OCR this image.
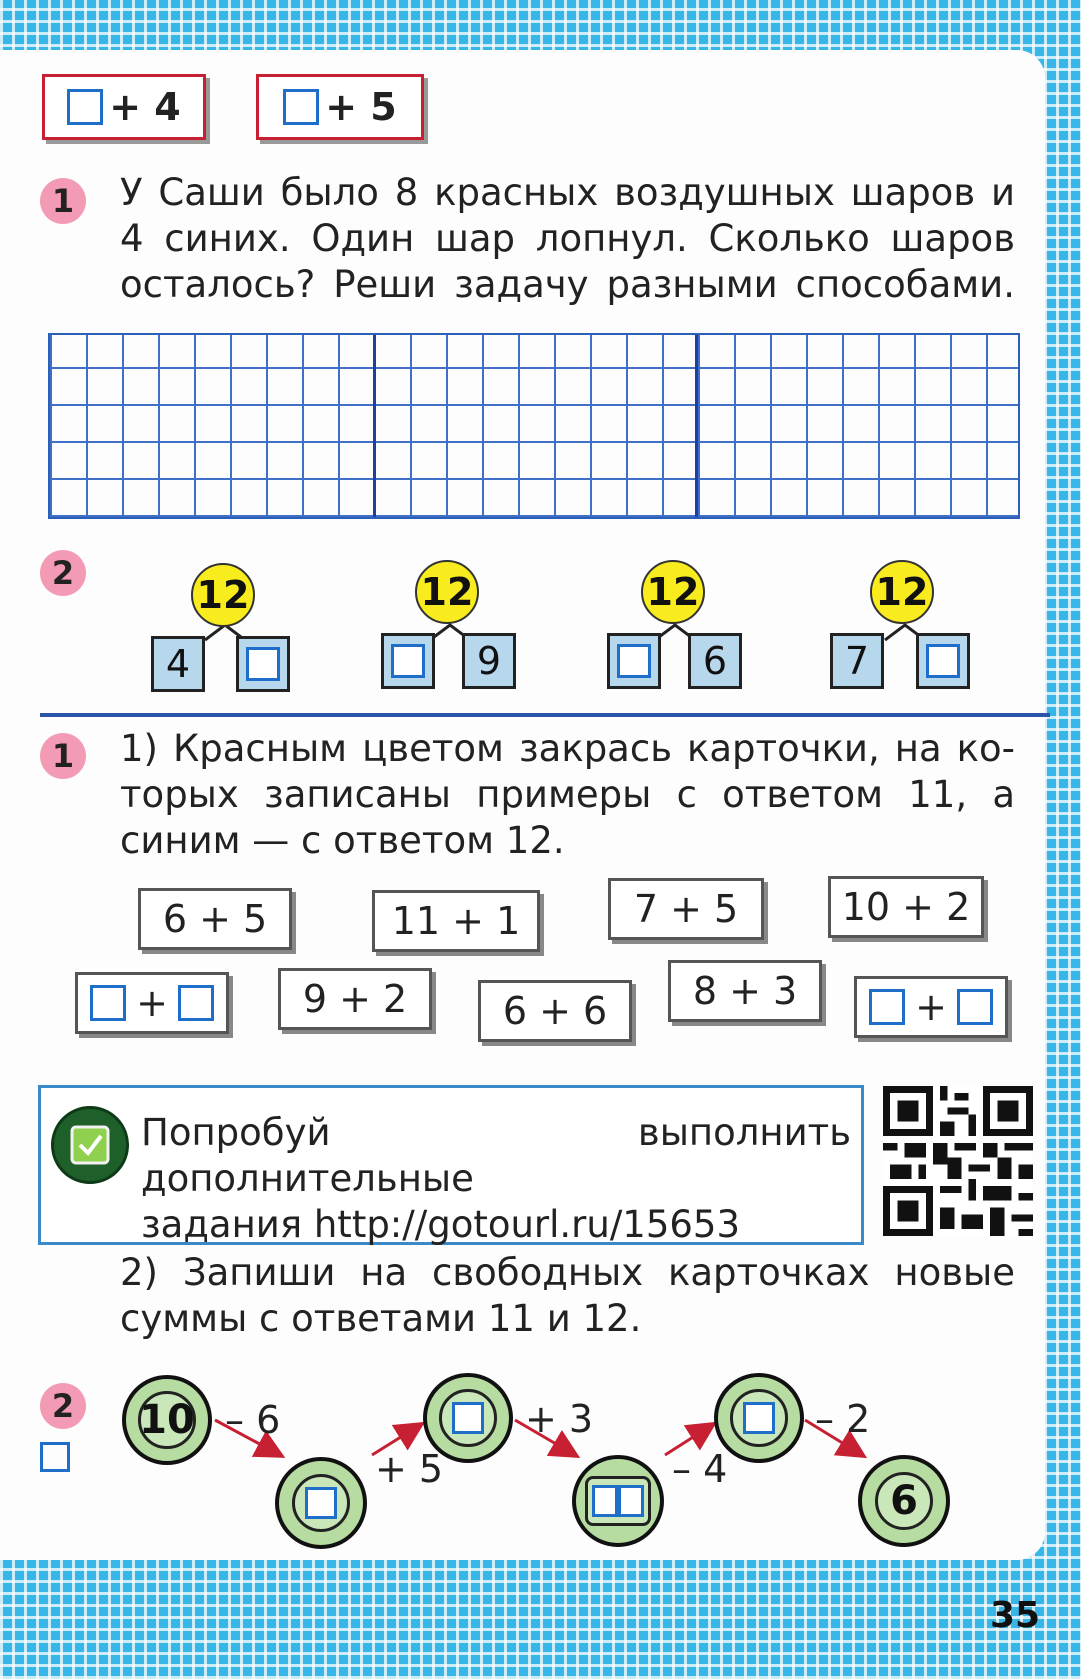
+ 4	+ 5
1	У Саши было 8 красных воздушных шаров и

4 синих. Один шар лопнул. Сколько шаров

осталось? Реши задачу разными способами.

2	12
4
12
9
12
6
12
7
1	1) Красным цветом закрась карточки, на ко-

торых записаны примеры с ответом 11, а

синим — с ответом 12.

6 + 5	11 + 1	7 + 5	10 + 2
+	9 + 2	6 + 6	8 + 3	+

Попробуй выполнить дополнительные

задания http://gotourl.ru/15653

2) Запиши на свободных карточках новые

суммы с ответами 11 и 12.

2 10
6
– 6
+ 5
+ 3
– 4
– 2
35
